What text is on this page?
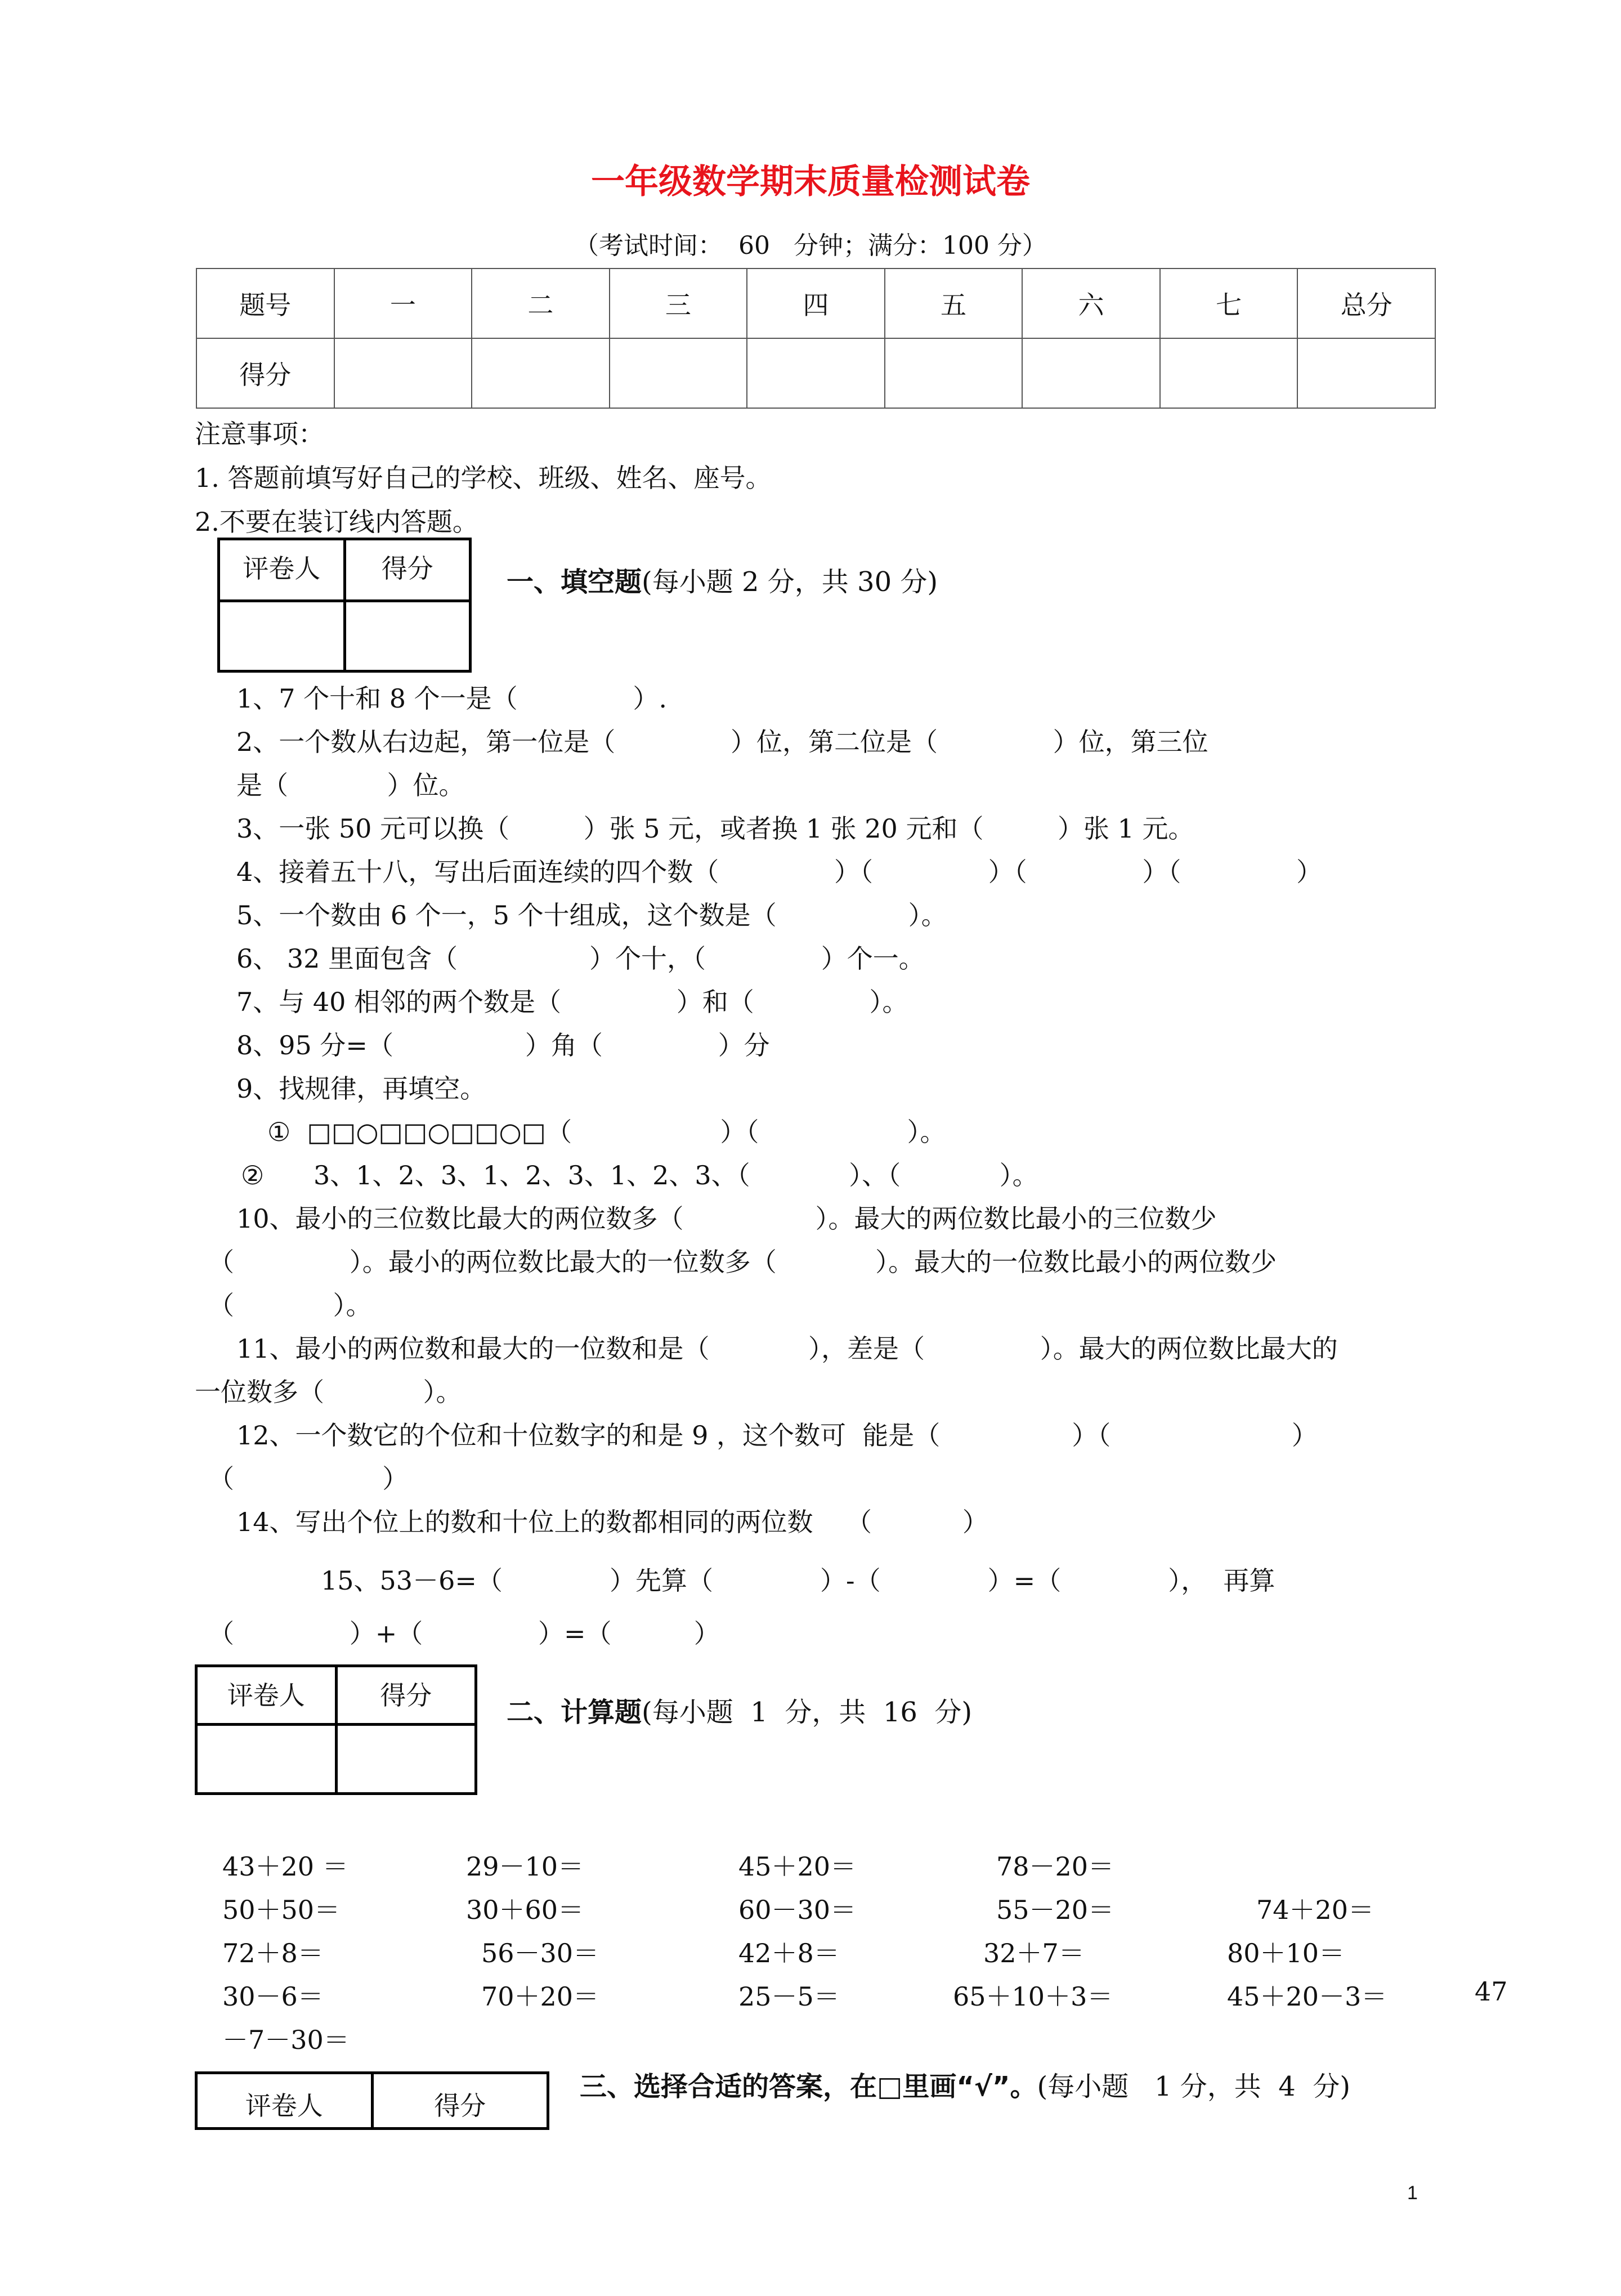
一年级数学期末质量检测试卷
（考试时间：  60   分钟；满分：100 分）
题号	一	二	三	四	五	六	七	总分
得分								
注意事项：
1. 答题前填写好自己的学校、班级、姓名、座号。
2.不要在装订线内答题。
评卷人	得分
		一、填空题(每小题 2 分，共 30 分)
1、7 个十和 8 个一是（              ）.
2、一个数从右边起，第一位是（              ）位，第二位是（              ）位，第三位
是（            ）位。
3、一张 50 元可以换（         ）张 5 元，或者换 1 张 20 元和（         ）张 1 元。
4、接着五十八，写出后面连续的四个数（              ）（              ）（              ）（              ）
5、一个数由 6 个一，5 个十组成，这个数是（                ）。
6、 32 里面包含（                ）个十，（              ）个一。
7、与 40 相邻的两个数是（              ）和（              ）。
8、95 分=（                ）角（              ）分
9、找规律，再填空。
①  □□○□□○□□○□（                  ）（                  ）。
②      3、1、2、3、1、2、3、1、2、3、（            ）、（            ）。
10、最小的三位数比最大的两位数多（                ）。最大的两位数比最小的三位数少
（              ）。最小的两位数比最大的一位数多（            ）。最大的一位数比最小的两位数少
（            ）。
11、最小的两位数和最大的一位数和是（            ），差是（              ）。最大的两位数比最大的
一位数多（            ）。
12、一个数它的个位和十位数字的和是 9 ，这个数可  能是（                ）（                      ）
（                  ）
14、写出个位上的数和十位上的数都相同的两位数    （           ）
15、53－6=（             ）先算（             ）-（             ）=（             ），  再算
（              ）+（              ）=（          ）
评卷人	得分

二、计算题(每小题  1  分，共  16  分)
43＋20 ＝	29－10＝	45＋20＝	78－20＝
50＋50＝	30＋60＝	60－30＝	55－20＝	74＋20＝
72＋8＝	56－30＝	42＋8＝	32＋7＝	80＋10＝
30－6＝	70＋20＝	25－5＝	65＋10＋3＝	45＋20－3＝	47
－7－30＝
评卷人	得分
三、选择合适的答案，在□里画“√”。(每小题   1 分，共  4  分)
1
